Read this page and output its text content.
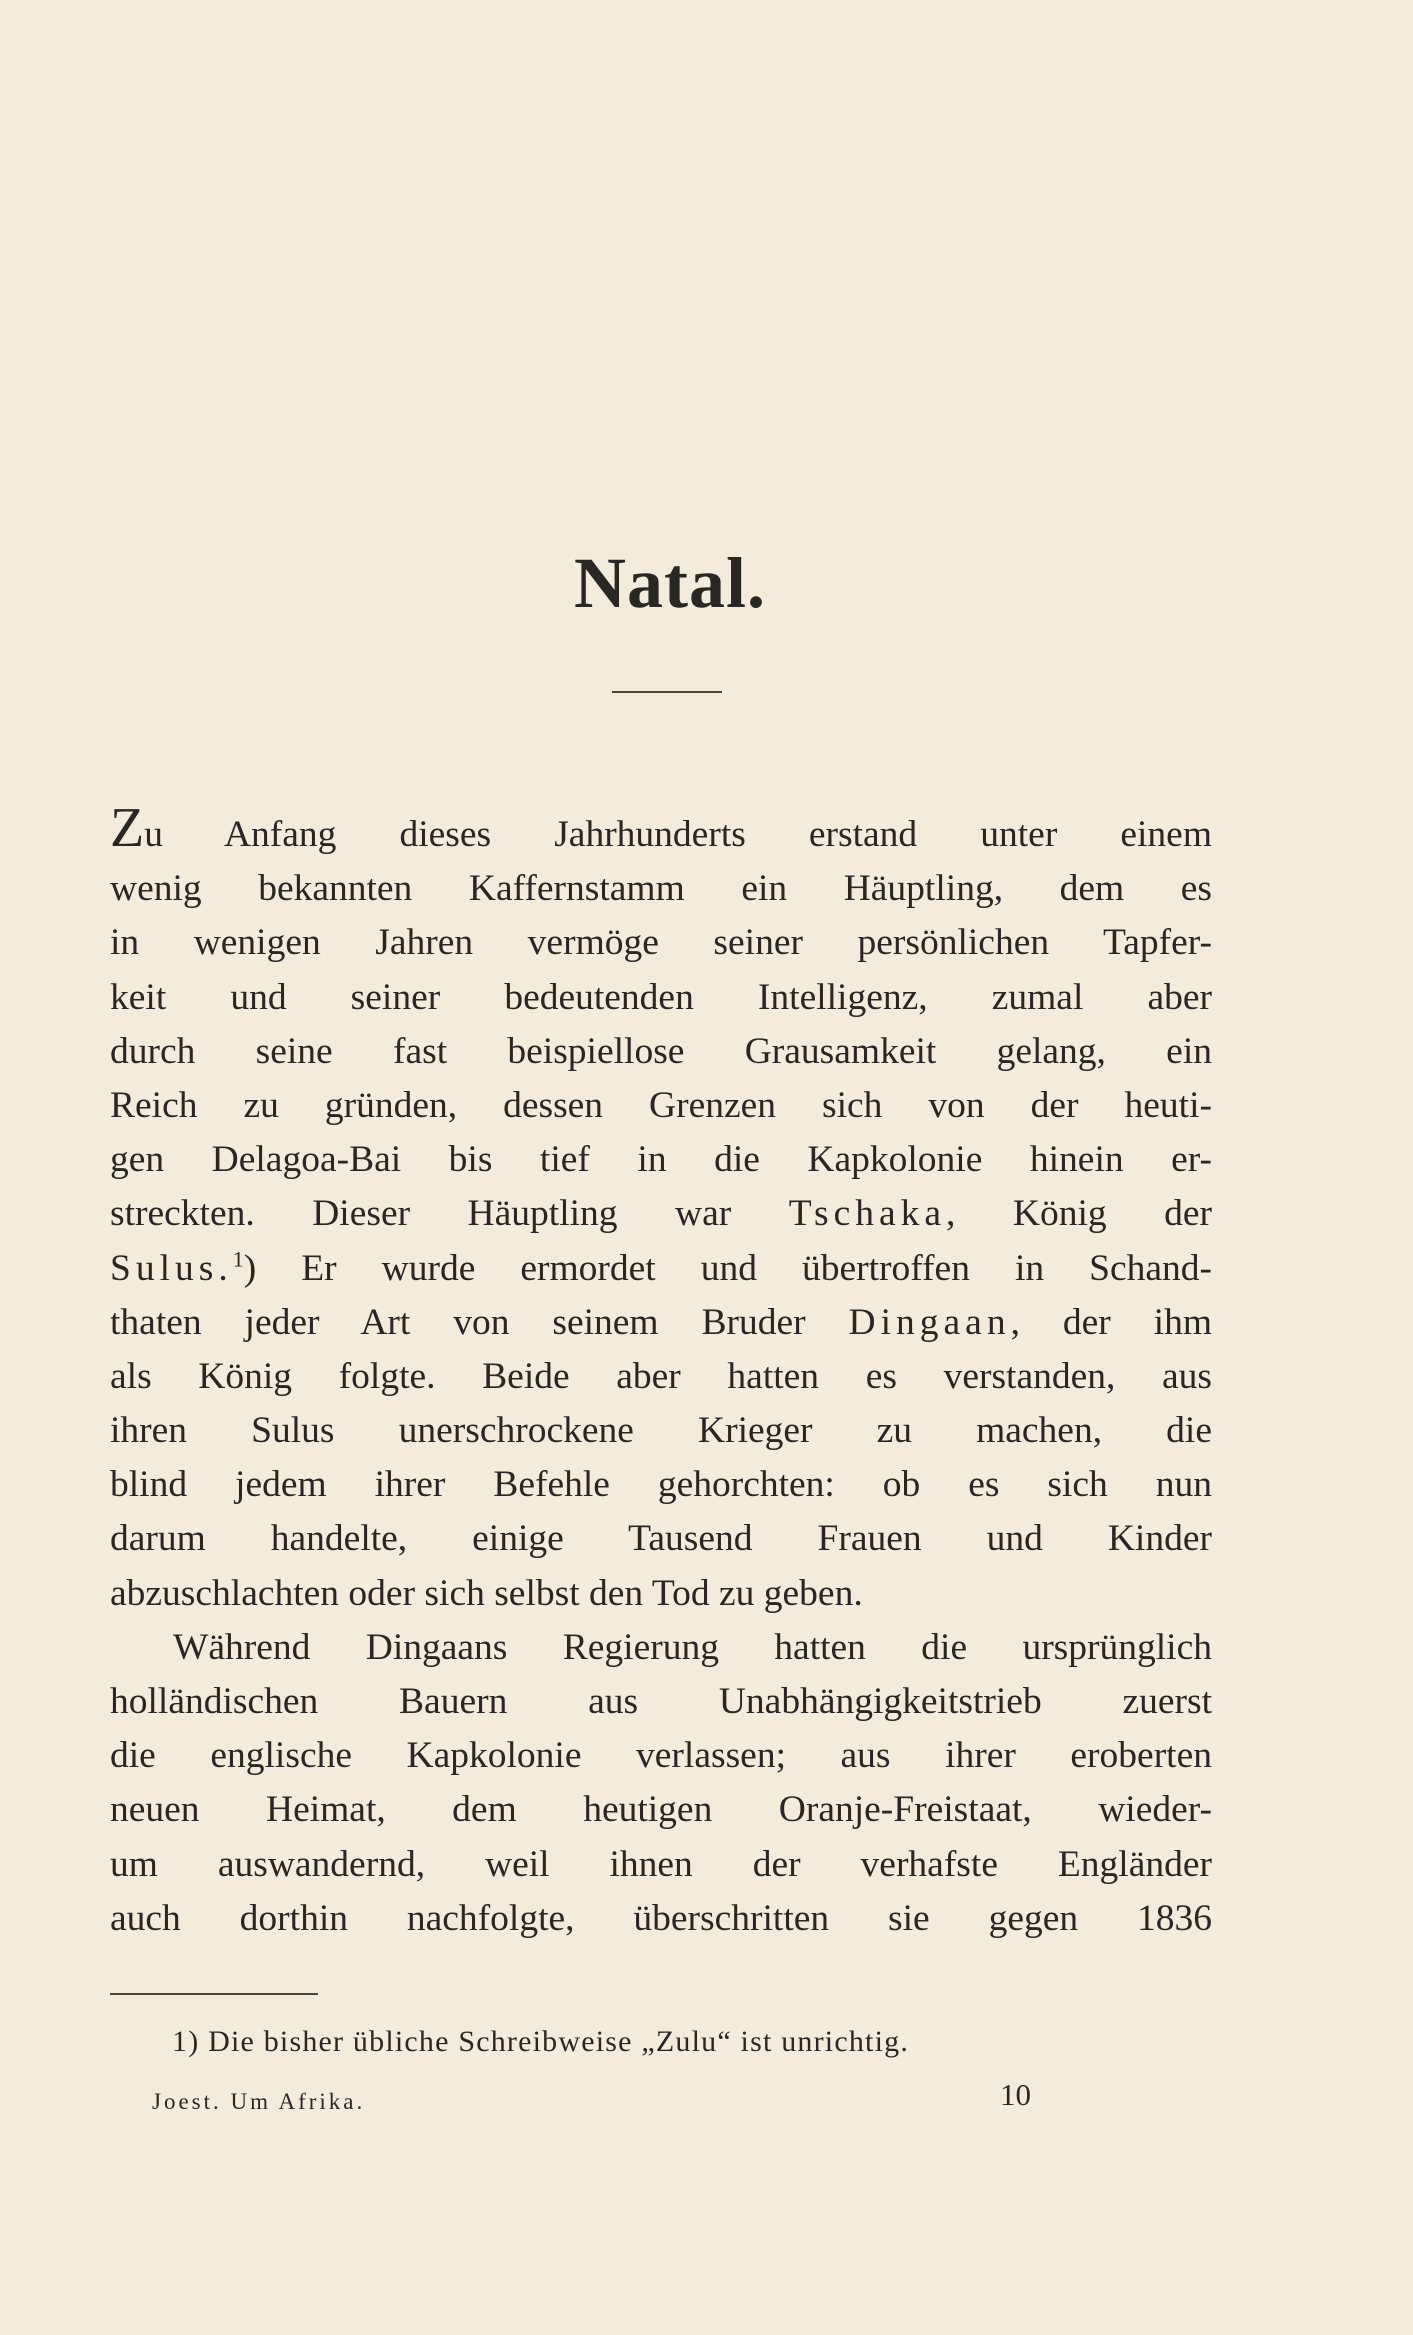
Natal.
Zu Anfang dieses Jahrhunderts erstand unter einem
wenig bekannten Kaffernstamm ein Häuptling, dem es
in wenigen Jahren vermöge seiner persönlichen Tapfer-
keit und seiner bedeutenden Intelligenz, zumal aber
durch seine fast beispiellose Grausamkeit gelang, ein
Reich zu gründen, dessen Grenzen sich von der heuti-
gen Delagoa-Bai bis tief in die Kapkolonie hinein er-
streckten. Dieser Häuptling war Tschaka, König der
Sulus.$^1$) Er wurde ermordet und übertroffen in Schand-
thaten jeder Art von seinem Bruder Dingaan, der ihm
als König folgte. Beide aber hatten es verstanden, aus
ihren Sulus unerschrockene Krieger zu machen, die
blind jedem ihrer Befehle gehorchten: ob es sich nun
darum handelte, einige Tausend Frauen und Kinder
abzuschlachten oder sich selbst den Tod zu geben.
Während Dingaans Regierung hatten die ursprünglich
holländischen Bauern aus Unabhängigkeitstrieb zuerst
die englische Kapkolonie verlassen; aus ihrer eroberten
neuen Heimat, dem heutigen Oranje-Freistaat, wieder-
um auswandernd, weil ihnen der verhafste Engländer
auch dorthin nachfolgte, überschritten sie gegen 1836
1) Die bisher übliche Schreibweise „Zulu“ ist unrichtig.
Joest. Um Afrika.	10
